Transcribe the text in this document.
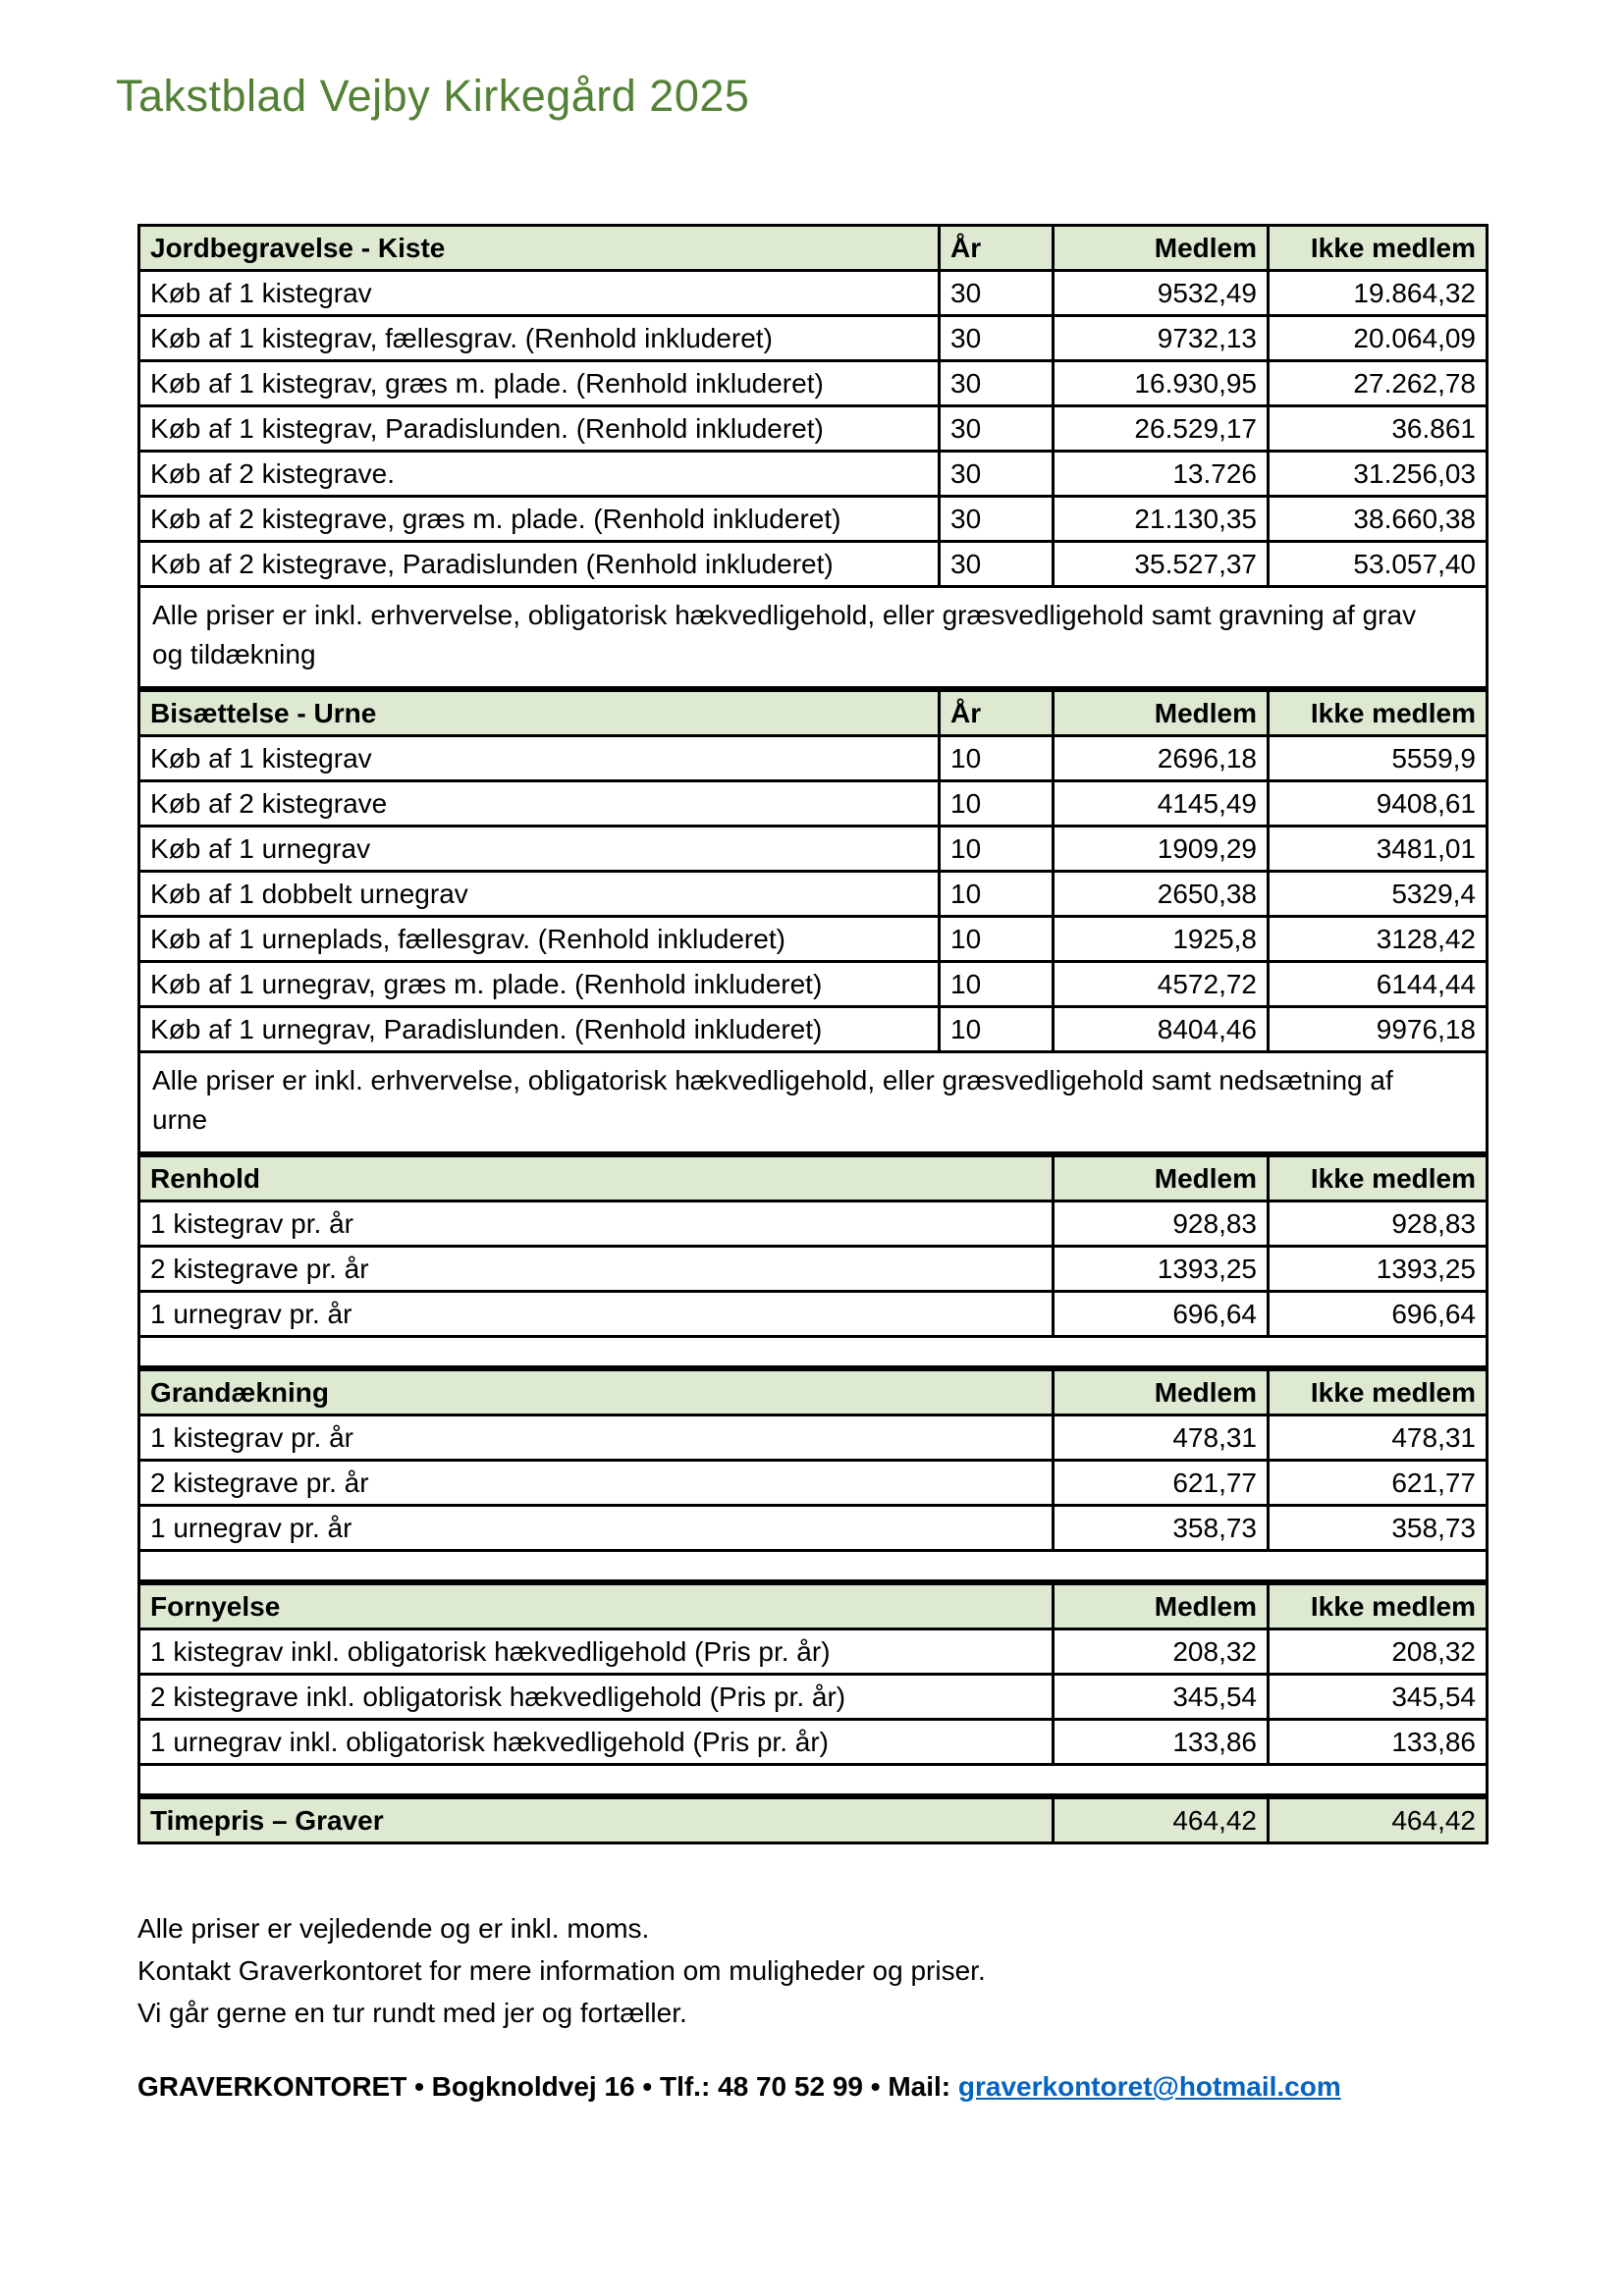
Takstblad Vejby Kirkegård 2025
Jordbegravelse - Kiste	År	Medlem	Ikke medlem
Køb af 1 kistegrav	30	9532,49	19.864,32
Køb af 1 kistegrav, fællesgrav. (Renhold inkluderet)	30	9732,13	20.064,09
Køb af 1 kistegrav, græs m. plade. (Renhold inkluderet)	30	16.930,95	27.262,78
Køb af 1 kistegrav, Paradislunden. (Renhold inkluderet)	30	26.529,17	36.861
Køb af 2 kistegrave.	30	13.726	31.256,03
Køb af 2 kistegrave, græs m. plade. (Renhold inkluderet)	30	21.130,35	38.660,38
Køb af 2 kistegrave, Paradislunden (Renhold inkluderet)	30	35.527,37	53.057,40
Alle priser er inkl. erhvervelse, obligatorisk hækvedligehold, eller græsvedligehold samt gravning af grav og tildækning			
Bisættelse - Urne	År	Medlem	Ikke medlem
Køb af 1 kistegrav	10	2696,18	5559,9
Køb af 2 kistegrave	10	4145,49	9408,61
Køb af 1 urnegrav	10	1909,29	3481,01
Køb af 1 dobbelt urnegrav	10	2650,38	5329,4
Køb af 1 urneplads, fællesgrav. (Renhold inkluderet)	10	1925,8	3128,42
Køb af 1 urnegrav, græs m. plade. (Renhold inkluderet)	10	4572,72	6144,44
Køb af 1 urnegrav, Paradislunden. (Renhold inkluderet)	10	8404,46	9976,18
Alle priser er inkl. erhvervelse, obligatorisk hækvedligehold, eller græsvedligehold samt nedsætning af urne			
Renhold	Medlem	Ikke medlem
1 kistegrav pr. år	928,83	928,83
2 kistegrave pr. år	1393,25	1393,25
1 urnegrav pr. år	696,64	696,64

Grandækning	Medlem	Ikke medlem
1 kistegrav pr. år	478,31	478,31
2 kistegrave pr. år	621,77	621,77
1 urnegrav pr. år	358,73	358,73

Fornyelse	Medlem	Ikke medlem
1 kistegrav inkl. obligatorisk hækvedligehold (Pris pr. år)	208,32	208,32
2 kistegrave inkl. obligatorisk hækvedligehold (Pris pr. år)	345,54	345,54
1 urnegrav inkl. obligatorisk hækvedligehold (Pris pr. år)	133,86	133,86

Timepris – Graver	464,42	464,42

Alle priser er vejledende og er inkl. moms.

Kontakt Graverkontoret for mere information om muligheder og priser.

Vi går gerne en tur rundt med jer og fortæller.

GRAVERKONTORET • Bogknoldvej 16 • Tlf.: 48 70 52 99 • Mail: graverkontoret@hotmail.com
